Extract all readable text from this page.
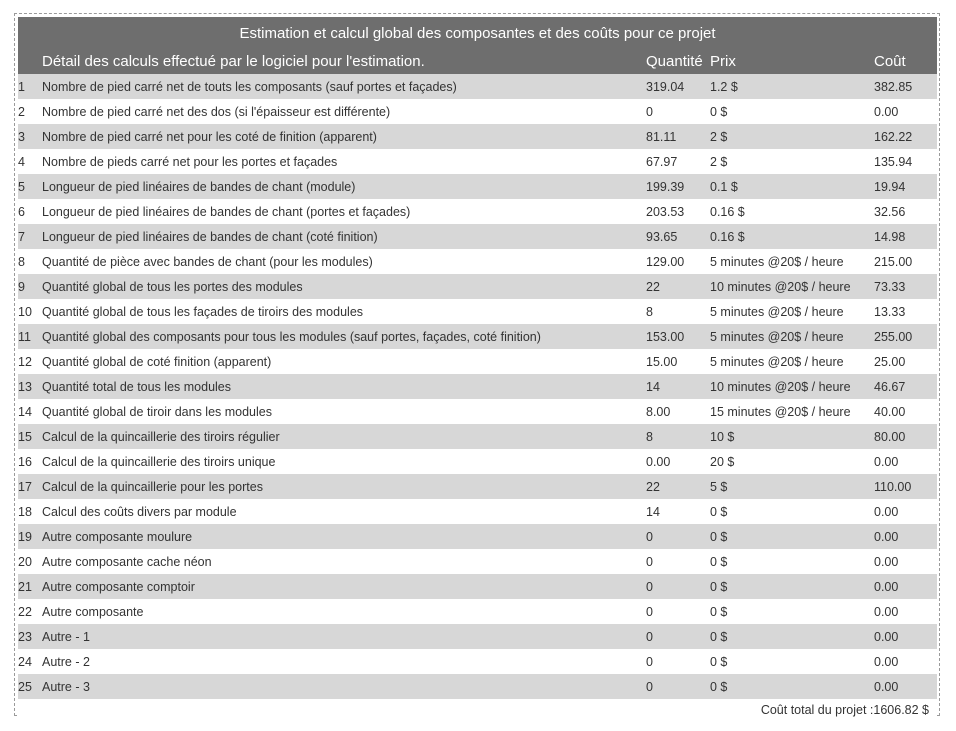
Estimation et calcul global des composantes et des coûts pour ce projet				
	Détail des calculs effectué par le logiciel pour l'estimation.	Quantité	Prix	Coût
1	Nombre de pied carré net de touts les composants (sauf portes et façades)	319.04	1.2 $	382.85
2	Nombre de pied carré net des dos (si l'épaisseur est différente)	0	0 $	0.00
3	Nombre de pied carré net pour les coté de finition (apparent)	81.11	2 $	162.22
4	Nombre de pieds carré net pour les portes et façades	67.97	2 $	135.94
5	Longueur de pied linéaires de bandes de chant (module)	199.39	0.1 $	19.94
6	Longueur de pied linéaires de bandes de chant (portes et façades)	203.53	0.16 $	32.56
7	Longueur de pied linéaires de bandes de chant (coté finition)	93.65	0.16 $	14.98
8	Quantité de pièce avec bandes de chant (pour les modules)	129.00	5 minutes @20$ / heure	215.00
9	Quantité global de tous les portes des modules	22	10 minutes @20$ / heure	73.33
10	Quantité global de tous les façades de tiroirs des modules	8	5 minutes @20$ / heure	13.33
11	Quantité global des composants pour tous les modules (sauf portes, façades, coté finition)	153.00	5 minutes @20$ / heure	255.00
12	Quantité global de coté finition (apparent)	15.00	5 minutes @20$ / heure	25.00
13	Quantité total de tous les modules	14	10 minutes @20$ / heure	46.67
14	Quantité global de tiroir dans les modules	8.00	15 minutes @20$ / heure	40.00
15	Calcul de la quincaillerie des tiroirs régulier	8	10 $	80.00
16	Calcul de la quincaillerie des tiroirs unique	0.00	20 $	0.00
17	Calcul de la quincaillerie pour les portes	22	5 $	110.00
18	Calcul des coûts divers par module	14	0 $	0.00
19	Autre composante moulure	0	0 $	0.00
20	Autre composante cache néon	0	0 $	0.00
21	Autre composante comptoir	0	0 $	0.00
22	Autre composante	0	0 $	0.00
23	Autre - 1	0	0 $	0.00
24	Autre - 2	0	0 $	0.00
25	Autre - 3	0	0 $	0.00
Coût total du projet :1606.82 $				
